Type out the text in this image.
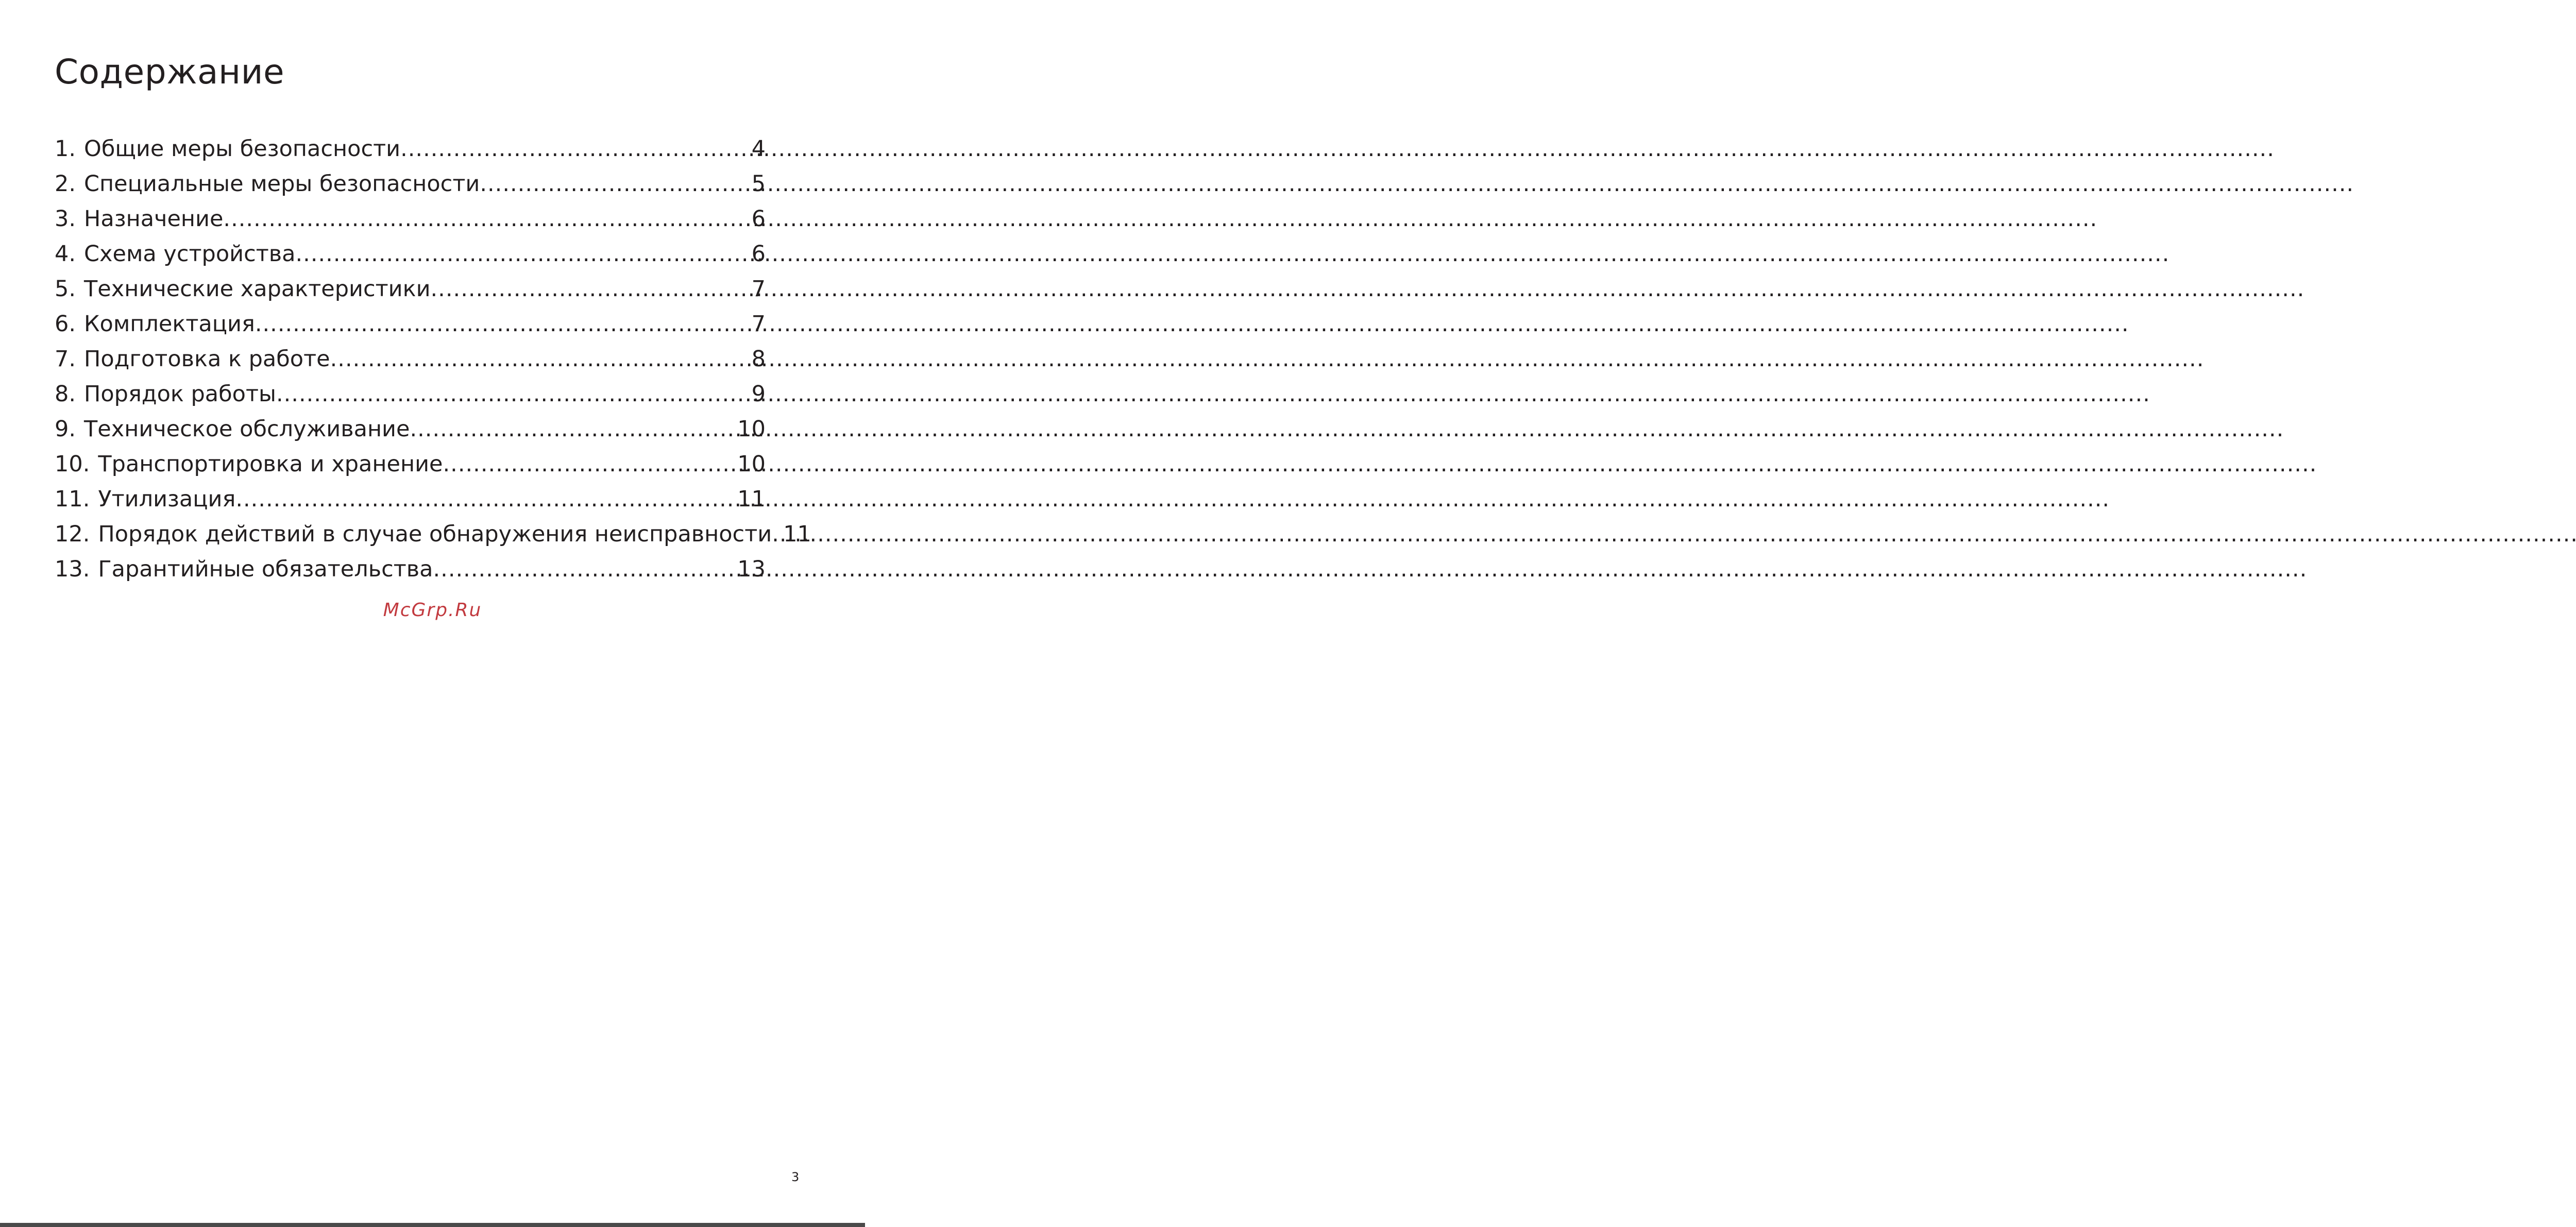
Содержание
1. Общие меры безопасности .....	4
2. Специальные меры безопасности .....	5
3. Назначение .....	6
4. Схема устройства .....	6
5. Технические характеристики .....	7
6. Комплектация .....	7
7. Подготовка к работе .....	8
8. Порядок работы .....	9
9. Техническое обслуживание .....	10
10. Транспортировка и хранение .....	10
11. Утилизация .....	11
12. Порядок действий в случае обнаружения неисправности ..... 11
13. Гарантийные обязательства .....	13
McGrp.Ru
3
